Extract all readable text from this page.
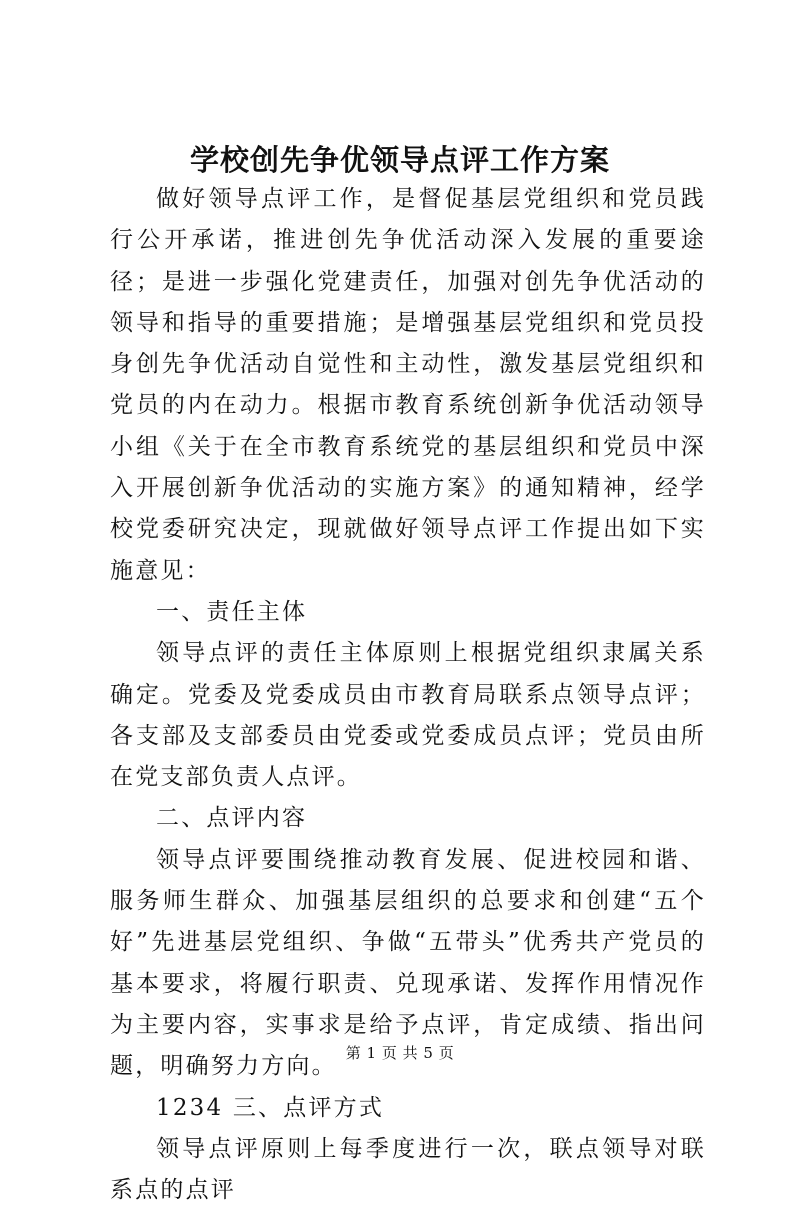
学校创先争优领导点评工作方案

做好领导点评工作，是督促基层党组织和党员践行公开承诺，推进创先争优活动深入发展的重要途径；是进一步强化党建责任，加强对创先争优活动的领导和指导的重要措施；是增强基层党组织和党员投身创先争优活动自觉性和主动性，激发基层党组织和党员的内在动力。根据市教育系统创新争优活动领导小组《关于在全市教育系统党的基层组织和党员中深入开展创新争优活动的实施方案》的通知精神，经学校党委研究决定，现就做好领导点评工作提出如下实施意见：

一、责任主体

领导点评的责任主体原则上根据党组织隶属关系确定。党委及党委成员由市教育局联系点领导点评；各支部及支部委员由党委或党委成员点评；党员由所在党支部负责人点评。

二、点评内容

领导点评要围绕推动教育发展、促进校园和谐、服务师生群众、加强基层组织的总要求和创建“五个好”先进基层党组织、争做“五带头”优秀共产党员的基本要求，将履行职责、兑现承诺、发挥作用情况作为主要内容，实事求是给予点评，肯定成绩、指出问题，明确努力方向。

1234 三、点评方式

领导点评原则上每季度进行一次，联点领导对联系点的点评

第 1 页 共 5 页
